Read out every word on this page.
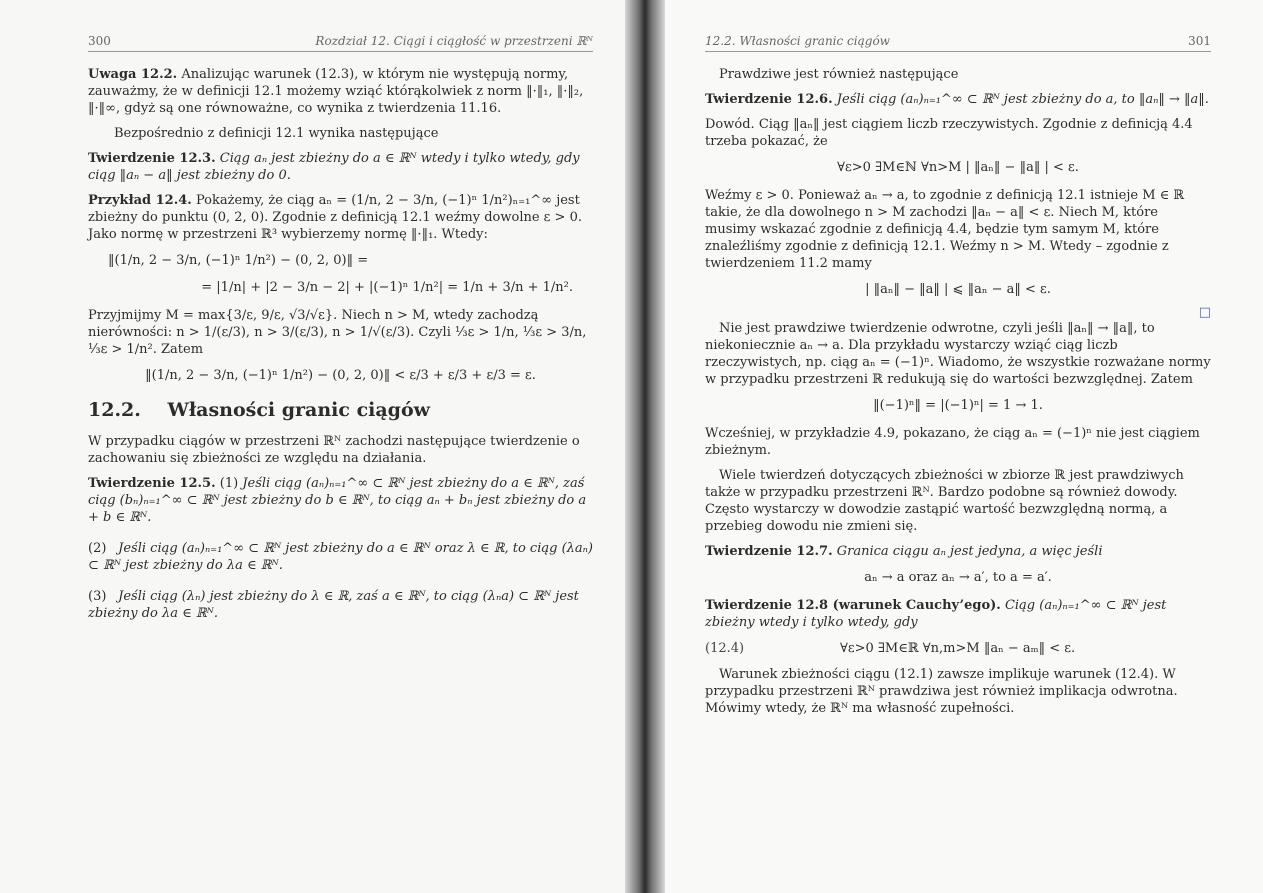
300	Rozdział 12. Ciągi i ciągłość w przestrzeni ℝᴺ

Uwaga 12.2. Analizując warunek (12.3), w którym nie występują normy, zauważmy, że w definicji 12.1 możemy wziąć którąkolwiek z norm ‖·‖₁, ‖·‖₂, ‖·‖∞, gdyż są one równoważne, co wynika z twierdzenia 11.16.

Bezpośrednio z definicji 12.1 wynika następujące

Twierdzenie 12.3. Ciąg aₙ jest zbieżny do a ∈ ℝᴺ wtedy i tylko wtedy, gdy ciąg ‖aₙ − a‖ jest zbieżny do 0.

Przykład 12.4. Pokażemy, że ciąg aₙ = (1/n, 2 − 3/n, (−1)ⁿ 1/n²)ₙ₌₁^∞ jest zbieżny do punktu (0, 2, 0). Zgodnie z definicją 12.1 weźmy dowolne ε > 0. Jako normę w przestrzeni ℝ³ wybierzemy normę ‖·‖₁. Wtedy:

‖(1/n, 2 − 3/n, (−1)ⁿ 1/n²) − (0, 2, 0)‖ =
= |1/n| + |2 − 3/n − 2| + |(−1)ⁿ 1/n²| = 1/n + 3/n + 1/n².

Przyjmijmy M = max{3/ε, 9/ε, √3/√ε}. Niech n > M, wtedy zachodzą nierówności: n > 1/(ε/3), n > 3/(ε/3), n > 1/√(ε/3). Czyli ⅓ε > 1/n, ⅓ε > 3/n, ⅓ε > 1/n². Zatem

‖(1/n, 2 − 3/n, (−1)ⁿ 1/n²) − (0, 2, 0)‖ < ε/3 + ε/3 + ε/3 = ε.
12.2. Własności granic ciągów

W przypadku ciągów w przestrzeni ℝᴺ zachodzi następujące twierdzenie o zachowaniu się zbieżności ze względu na działania.

Twierdzenie 12.5. (1) Jeśli ciąg (aₙ)ₙ₌₁^∞ ⊂ ℝᴺ jest zbieżny do a ∈ ℝᴺ, zaś ciąg (bₙ)ₙ₌₁^∞ ⊂ ℝᴺ jest zbieżny do b ∈ ℝᴺ, to ciąg aₙ + bₙ jest zbieżny do a + b ∈ ℝᴺ.
(2) Jeśli ciąg (aₙ)ₙ₌₁^∞ ⊂ ℝᴺ jest zbieżny do a ∈ ℝᴺ oraz λ ∈ ℝ, to ciąg (λaₙ) ⊂ ℝᴺ jest zbieżny do λa ∈ ℝᴺ.
(3) Jeśli ciąg (λₙ) jest zbieżny do λ ∈ ℝ, zaś a ∈ ℝᴺ, to ciąg (λₙa) ⊂ ℝᴺ jest zbieżny do λa ∈ ℝᴺ.
12.2. Własności granic ciągów	301

Prawdziwe jest również następujące

Twierdzenie 12.6. Jeśli ciąg (aₙ)ₙ₌₁^∞ ⊂ ℝᴺ jest zbieżny do a, to ‖aₙ‖ → ‖a‖.

Dowód. Ciąg ‖aₙ‖ jest ciągiem liczb rzeczywistych. Zgodnie z definicją 4.4 trzeba pokazać, że

∀ε>0 ∃M∈ℕ ∀n>M | ‖aₙ‖ − ‖a‖ | < ε.

Weźmy ε > 0. Ponieważ aₙ → a, to zgodnie z definicją 12.1 istnieje M ∈ ℝ takie, że dla dowolnego n > M zachodzi ‖aₙ − a‖ < ε. Niech M, które musimy wskazać zgodnie z definicją 4.4, będzie tym samym M, które znaleźliśmy zgodnie z definicją 12.1. Weźmy n > M. Wtedy – zgodnie z twierdzeniem 11.2 mamy

| ‖aₙ‖ − ‖a‖ | ⩽ ‖aₙ − a‖ < ε.
□

Nie jest prawdziwe twierdzenie odwrotne, czyli jeśli ‖aₙ‖ → ‖a‖, to niekoniecznie aₙ → a. Dla przykładu wystarczy wziąć ciąg liczb rzeczywistych, np. ciąg aₙ = (−1)ⁿ. Wiadomo, że wszystkie rozważane normy w przypadku przestrzeni ℝ redukują się do wartości bezwzględnej. Zatem

‖(−1)ⁿ‖ = |(−1)ⁿ| = 1 → 1.

Wcześniej, w przykładzie 4.9, pokazano, że ciąg aₙ = (−1)ⁿ nie jest ciągiem zbieżnym.

Wiele twierdzeń dotyczących zbieżności w zbiorze ℝ jest prawdziwych także w przypadku przestrzeni ℝᴺ. Bardzo podobne są również dowody. Często wystarczy w dowodzie zastąpić wartość bezwzględną normą, a przebieg dowodu nie zmieni się.

Twierdzenie 12.7. Granica ciągu aₙ jest jedyna, a więc jeśli

aₙ → a oraz aₙ → a′, to a = a′.

Twierdzenie 12.8 (warunek Cauchy’ego). Ciąg (aₙ)ₙ₌₁^∞ ⊂ ℝᴺ jest zbieżny wtedy i tylko wtedy, gdy

(12.4)	∀ε>0 ∃M∈ℝ ∀n,m>M ‖aₙ − aₘ‖ < ε.

Warunek zbieżności ciągu (12.1) zawsze implikuje warunek (12.4). W przypadku przestrzeni ℝᴺ prawdziwa jest również implikacja odwrotna. Mówimy wtedy, że ℝᴺ ma własność zupełności.
